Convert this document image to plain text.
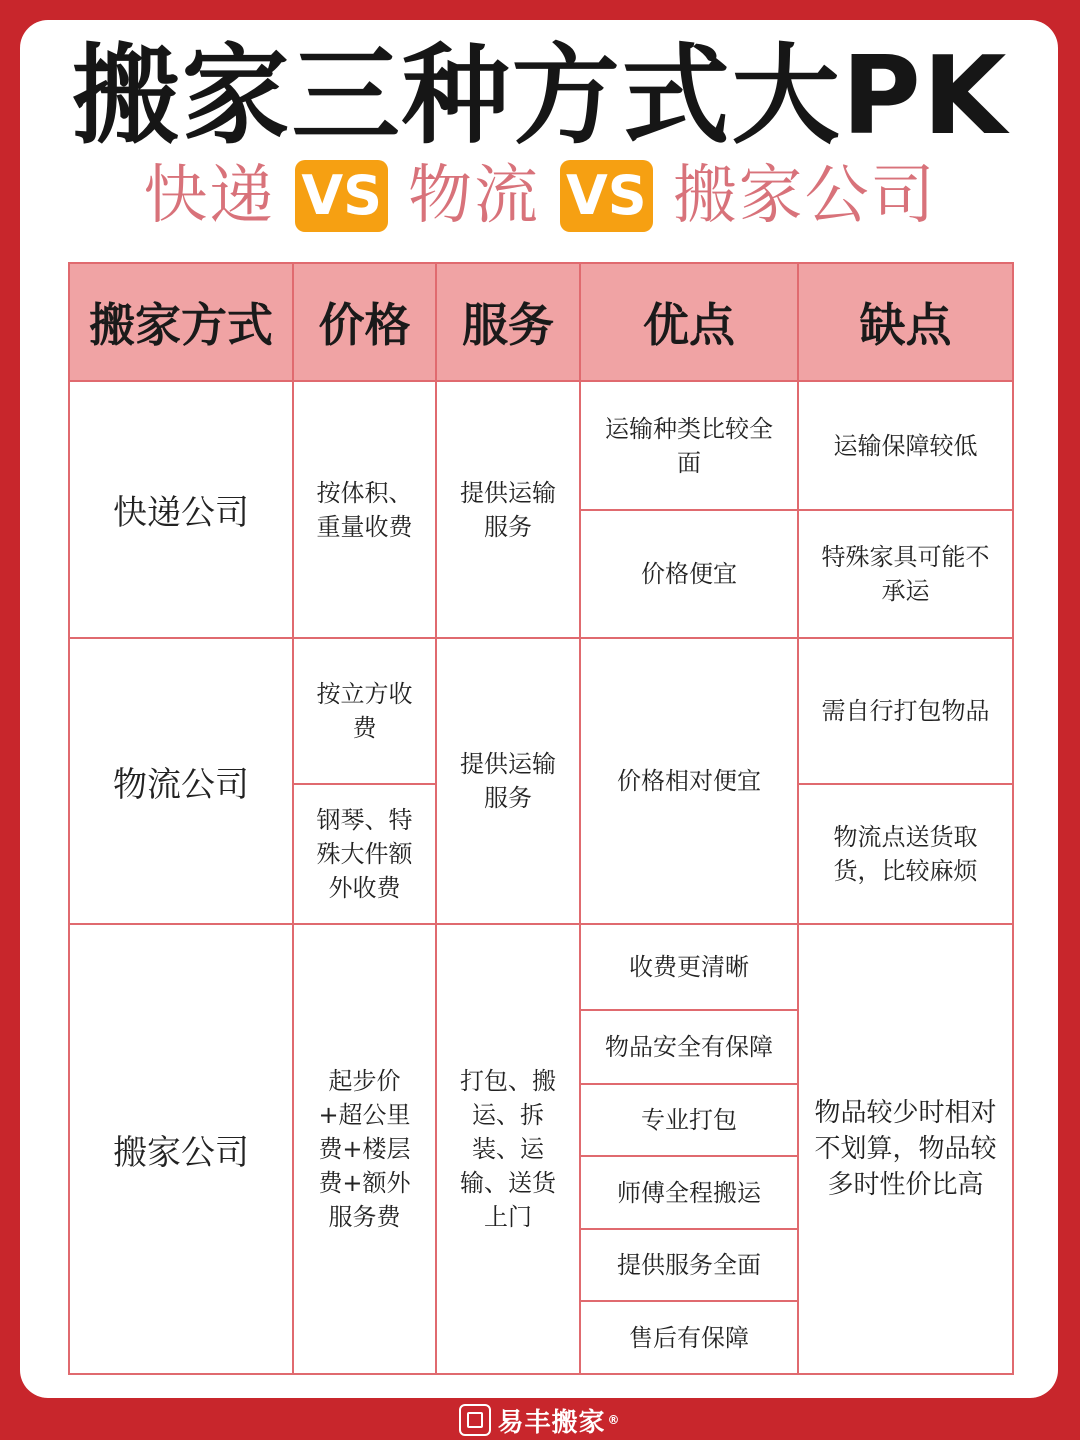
搬家三种方式大PK
快递 VS 物流 VS 搬家公司
搬家方式	价格	服务	优点	缺点
快递公司	按体积、重量收费	提供运输服务	运输种类比较全面	运输保障较低
			价格便宜	特殊家具可能不承运
物流公司	按立方收费	提供运输服务	价格相对便宜	需自行打包物品
	钢琴、特殊大件额外收费			物流点送货取货，比较麻烦
搬家公司	起步价+超公里费+楼层费+额外服务费	打包、搬运、拆装、运输、送货上门	收费更清晰	物品较少时相对不划算，物品较多时性价比高
			物品安全有保障	
			专业打包	
			师傅全程搬运	
			提供服务全面	
			售后有保障	
易丰搬家 ®
